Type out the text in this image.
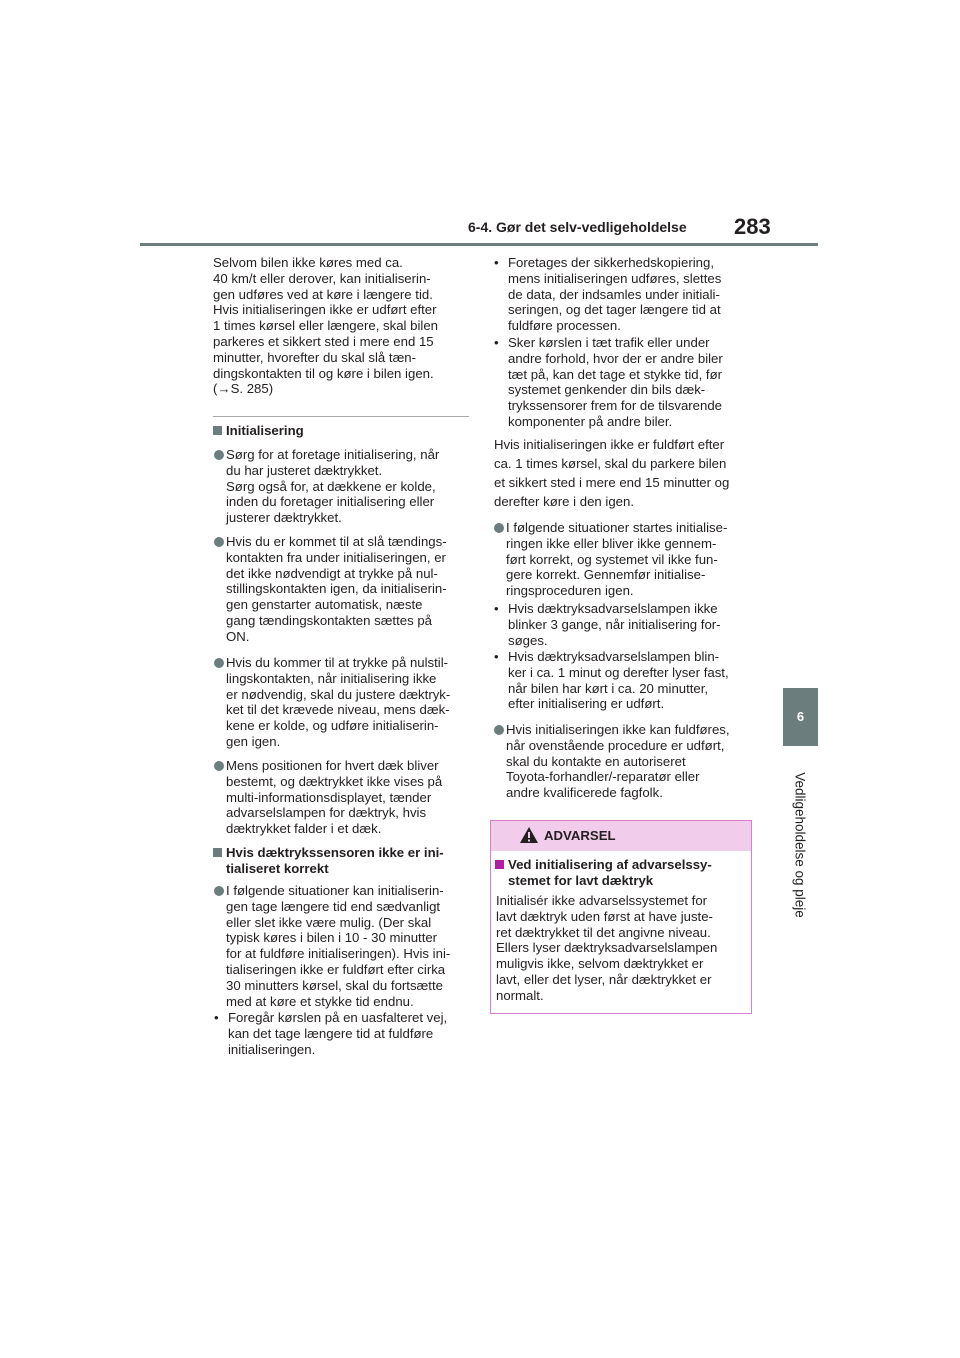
6-4. Gør det selv-vedligeholdelse 283
6
Vedligeholdelse og pleje
Selvom bilen ikke køres med ca.
40 km/t eller derover, kan initialiserin-
gen udføres ved at køre i længere tid.
Hvis initialiseringen ikke er udført efter
1 times kørsel eller længere, skal bilen
parkeres et sikkert sted i mere end 15
minutter, hvorefter du skal slå tæn-
dingskontakten til og køre i bilen igen.
(→S. 285)
Initialisering
Sørg for at foretage initialisering, når
du har justeret dæktrykket.
Sørg også for, at dækkene er kolde,
inden du foretager initialisering eller
justerer dæktrykket.
Hvis du er kommet til at slå tændings-
kontakten fra under initialiseringen, er
det ikke nødvendigt at trykke på nul-
stillingskontakten igen, da initialiserin-
gen genstarter automatisk, næste
gang tændingskontakten sættes på
ON.
Hvis du kommer til at trykke på nulstil-
lingskontakten, når initialisering ikke
er nødvendig, skal du justere dæktryk-
ket til det krævede niveau, mens dæk-
kene er kolde, og udføre initialiserin-
gen igen.
Mens positionen for hvert dæk bliver
bestemt, og dæktrykket ikke vises på
multi-informationsdisplayet, tænder
advarselslampen for dæktryk, hvis
dæktrykket falder i et dæk.
Hvis dæktrykssensoren ikke er ini-
tialiseret korrekt
I følgende situationer kan initialiserin-
gen tage længere tid end sædvanligt
eller slet ikke være mulig. (Der skal
typisk køres i bilen i 10 - 30 minutter
for at fuldføre initialiseringen). Hvis ini-
tialiseringen ikke er fuldført efter cirka
30 minutters kørsel, skal du fortsætte
med at køre et stykke tid endnu.
• Foregår kørslen på en uasfalteret vej,
kan det tage længere tid at fuldføre
initialiseringen.
• Foretages der sikkerhedskopiering,
mens initialiseringen udføres, slettes
de data, der indsamles under initiali-
seringen, og det tager længere tid at
fuldføre processen.
• Sker kørslen i tæt trafik eller under
andre forhold, hvor der er andre biler
tæt på, kan det tage et stykke tid, før
systemet genkender din bils dæk-
trykssensorer frem for de tilsvarende
komponenter på andre biler.
Hvis initialiseringen ikke er fuldført efter
ca. 1 times kørsel, skal du parkere bilen
et sikkert sted i mere end 15 minutter og
derefter køre i den igen.
I følgende situationer startes initialise-
ringen ikke eller bliver ikke gennem-
ført korrekt, og systemet vil ikke fun-
gere korrekt. Gennemfør initialise-
ringsproceduren igen.
• Hvis dæktryksadvarselslampen ikke
blinker 3 gange, når initialisering for-
søges.
• Hvis dæktryksadvarselslampen blin-
ker i ca. 1 minut og derefter lyser fast,
når bilen har kørt i ca. 20 minutter,
efter initialisering er udført.
Hvis initialiseringen ikke kan fuldføres,
når ovenstående procedure er udført,
skal du kontakte en autoriseret
Toyota-forhandler/-reparatør eller
andre kvalificerede fagfolk.
ADVARSEL
Ved initialisering af advarselssy-
stemet for lavt dæktryk
Initialisér ikke advarselssystemet for
lavt dæktryk uden først at have juste-
ret dæktrykket til det angivne niveau.
Ellers lyser dæktryksadvarselslampen
muligvis ikke, selvom dæktrykket er
lavt, eller det lyser, når dæktrykket er
normalt.
